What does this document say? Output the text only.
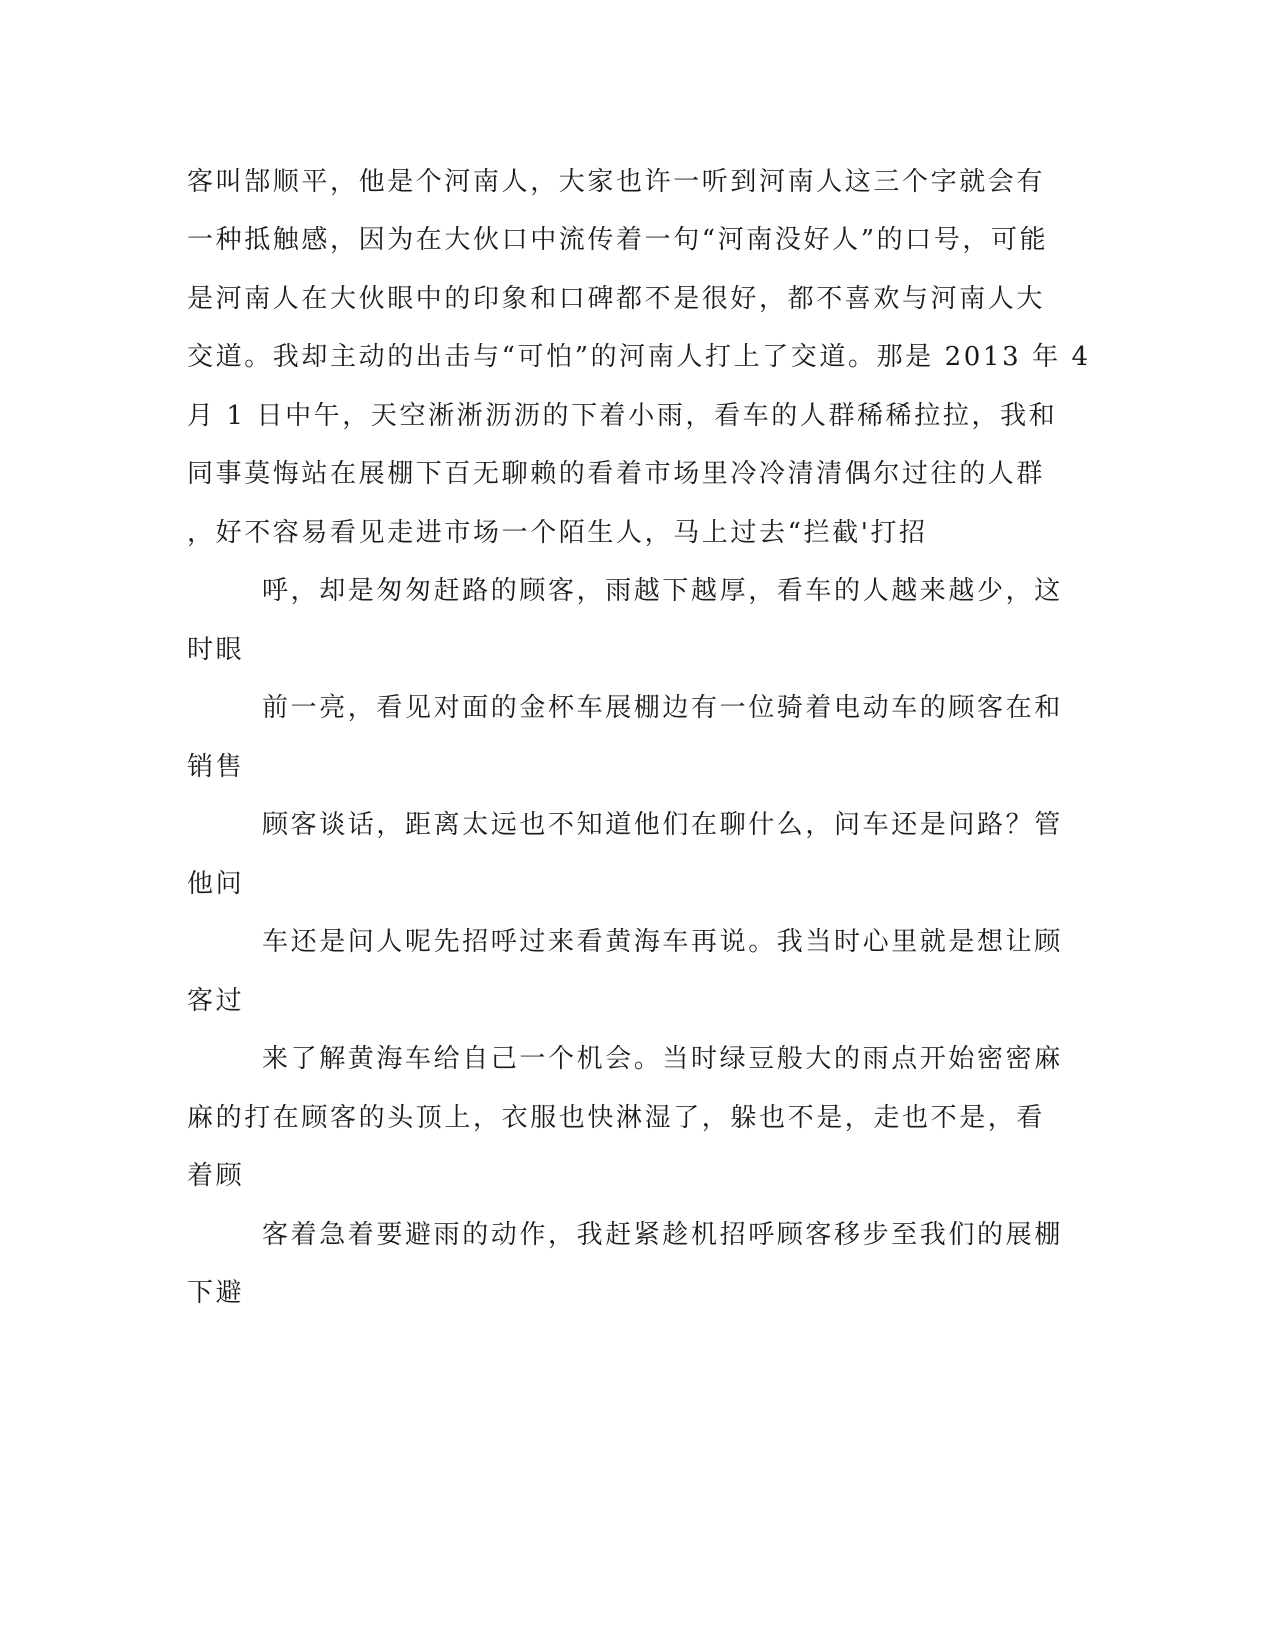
客叫郜顺平，他是个河南人，大家也许一听到河南人这三个字就会有
一种抵触感，因为在大伙口中流传着一句“河南没好人”的口号，可能
是河南人在大伙眼中的印象和口碑都不是很好，都不喜欢与河南人大
交道。我却主动的出击与“可怕”的河南人打上了交道。那是 2013 年 4
月 1 日中午，天空淅淅沥沥的下着小雨，看车的人群稀稀拉拉，我和
同事莫悔站在展棚下百无聊赖的看着市场里冷冷清清偶尔过往的人群
，好不容易看见走进市场一个陌生人，马上过去“拦截'打招
呼，却是匆匆赶路的顾客，雨越下越厚，看车的人越来越少，这
时眼
前一亮，看见对面的金杯车展棚边有一位骑着电动车的顾客在和
销售
顾客谈话，距离太远也不知道他们在聊什么，问车还是问路？管
他问
车还是问人呢先招呼过来看黄海车再说。我当时心里就是想让顾
客过
来了解黄海车给自己一个机会。当时绿豆般大的雨点开始密密麻
麻的打在顾客的头顶上，衣服也快淋湿了，躲也不是，走也不是，看
着顾
客着急着要避雨的动作，我赶紧趁机招呼顾客移步至我们的展棚
下避
